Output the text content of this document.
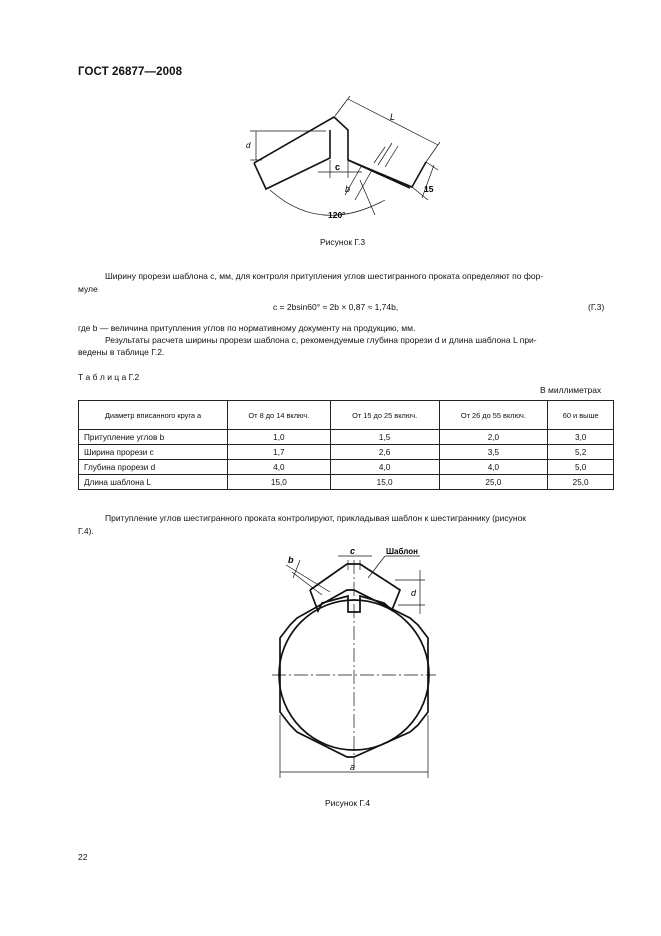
ГОСТ 26877—2008
d
L
c
b	15
120°
Рисунок Г.3
Ширину прорези шаблона c, мм, для контроля притупления углов шестигранного проката определяют по фор-
муле
c = 2bsin60° ≈ 2b × 0,87 ≈ 1,74b,	(Г.3)
где b — величина притупления углов по нормативному документу на продукцию, мм.
Результаты расчета ширины прорези шаблона c, рекомендуемые глубина прорези d и длина шаблона L при-
ведены в таблице Г.2.
Т а б л и ц а Г.2
В миллиметрах
Диаметр вписанного круга a	От 8 до 14 включ.	От 15 до 25 включ.	От 26 до 55 включ.	60 и выше
Притупление углов b	1,0	1,5	2,0	3,0
Ширина прорези c	1,7	2,6	3,5	5,2
Глубина прорези d	4,0	4,0	4,0	5,0
Длина шаблона L	15,0	15,0	25,0	25,0
Притупление углов шестигранного проката контролируют, прикладывая шаблон к шестиграннику (рисунок
Г.4).
b
c	Шаблон
d
a
Рисунок Г.4
22
